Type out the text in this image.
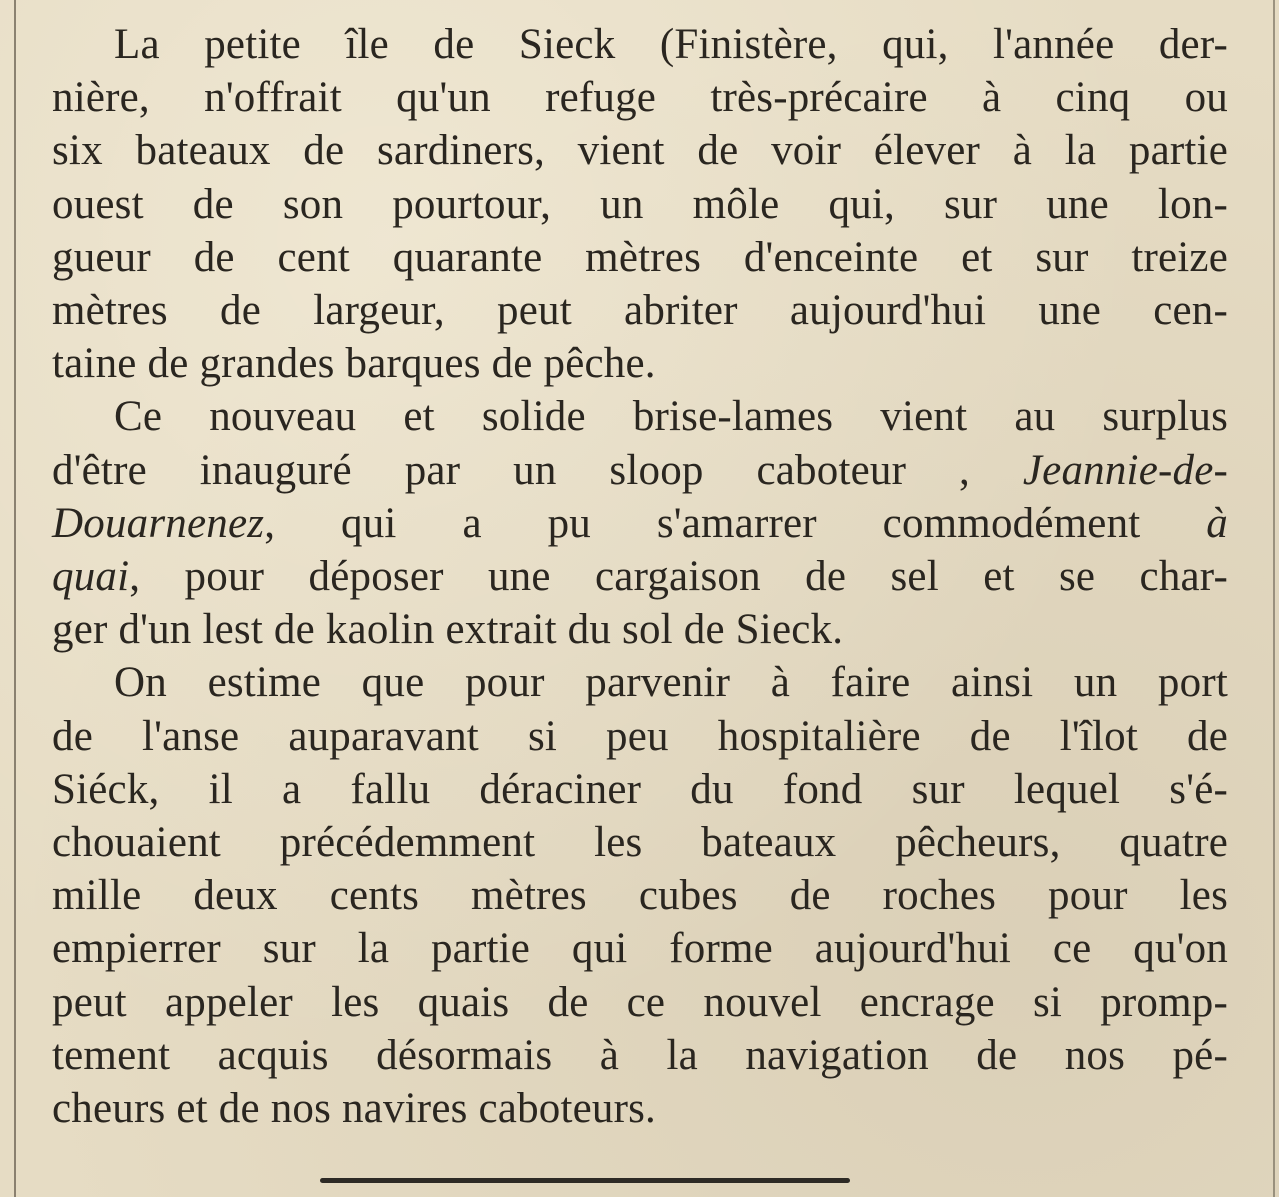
La petite île de Sieck (Finistère, qui, l'année der-
nière, n'offrait qu'un refuge très-précaire à cinq ou
six bateaux de sardiners, vient de voir élever à la partie
ouest de son pourtour, un môle qui, sur une lon-
gueur de cent quarante mètres d'enceinte et sur treize
mètres de largeur, peut abriter aujourd'hui une cen-
taine de grandes barques de pêche.

Ce nouveau et solide brise-lames vient au surplus
d'être inauguré par un sloop caboteur , Jeannie-de-
Douarnenez, qui a pu s'amarrer commodément à
quai, pour déposer une cargaison de sel et se char-
ger d'un lest de kaolin extrait du sol de Sieck.

On estime que pour parvenir à faire ainsi un port
de l'anse auparavant si peu hospitalière de l'îlot de
Siéck, il a fallu déraciner du fond sur lequel s'é-
chouaient précédemment les bateaux pêcheurs, quatre
mille deux cents mètres cubes de roches pour les
empierrer sur la partie qui forme aujourd'hui ce qu'on
peut appeler les quais de ce nouvel encrage si promp-
tement acquis désormais à la navigation de nos pé-
cheurs et de nos navires caboteurs.
